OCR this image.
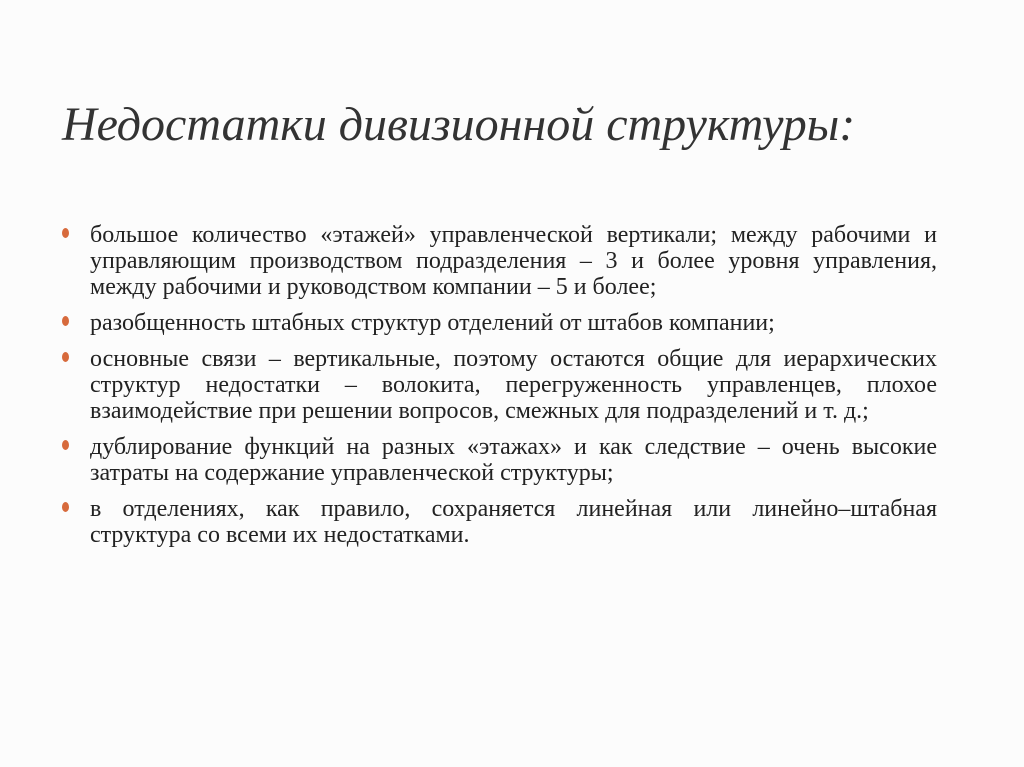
Недостатки дивизионной структуры:
большое количество «этажей» управленческой вертикали; между рабочими и управляющим производством подразделения – 3 и более уровня управления, между рабочими и руководством компании – 5 и более;
разобщенность штабных структур отделений от штабов компании;
основные связи – вертикальные, поэтому остаются общие для иерархических структур недостатки – волокита, перегруженность управленцев, плохое взаимодействие при решении вопросов, смежных для подразделений и т. д.;
дублирование функций на разных «этажах» и как следствие – очень высокие затраты на содержание управленческой структуры;
в отделениях, как правило, сохраняется линейная или линейно–штабная структура со всеми их недостатками.
